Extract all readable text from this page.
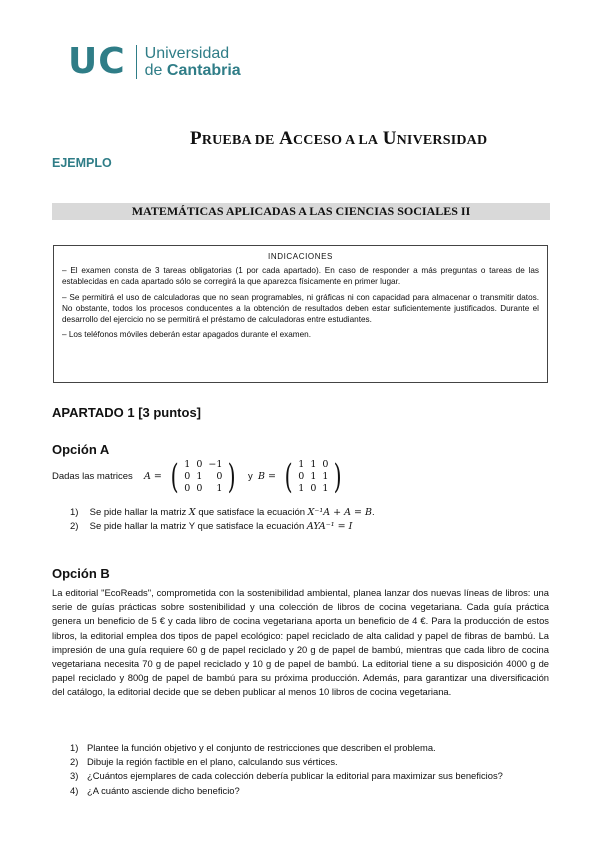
UC Universidad
de Cantabria
PRUEBA DE ACCESO A LA UNIVERSIDAD
EJEMPLO
MATEMÁTICAS APLICADAS A LAS CIENCIAS SOCIALES II
INDICACIONES
– El examen consta de 3 tareas obligatorias (1 por cada apartado). En caso de responder a más preguntas o tareas de las establecidas en cada apartado sólo se corregirá la que aparezca físicamente en primer lugar.
– Se permitirá el uso de calculadoras que no sean programables, ni gráficas ni con capacidad para almacenar o transmitir datos. No obstante, todos los procesos conducentes a la obtención de resultados deben estar suficientemente justificados. Durante el desarrollo del ejercicio no se permitirá el préstamo de calculadoras entre estudiantes.
– Los teléfonos móviles deberán estar apagados durante el examen.
APARTADO 1 [3 puntos]
Opción A
Dadas las matrices A = ( 1	0	−1
0	1	0
0	0	1 ) y B = ( 1	1	0
0	1	1
1	0	1 )
1) Se pide hallar la matriz X que satisface la ecuación X⁻¹A + A = B.
2) Se pide hallar la matriz Y que satisface la ecuación AYA⁻¹ = I
Opción B
La editorial "EcoReads", comprometida con la sostenibilidad ambiental, planea lanzar dos nuevas líneas de libros: una serie de guías prácticas sobre sostenibilidad y una colección de libros de cocina vegetariana. Cada guía práctica genera un beneficio de 5 € y cada libro de cocina vegetariana aporta un beneficio de 4 €. Para la producción de estos libros, la editorial emplea dos tipos de papel ecológico: papel reciclado de alta calidad y papel de fibras de bambú. La impresión de una guía requiere 60 g de papel reciclado y 20 g de papel de bambú, mientras que cada libro de cocina vegetariana necesita 70 g de papel reciclado y 10 g de papel de bambú. La editorial tiene a su disposición 4000 g de papel reciclado y 800g de papel de bambú para su próxima producción. Además, para garantizar una diversificación del catálogo, la editorial decide que se deben publicar al menos 10 libros de cocina vegetariana.
1) Plantee la función objetivo y el conjunto de restricciones que describen el problema.
2) Dibuje la región factible en el plano, calculando sus vértices.
3) ¿Cuántos ejemplares de cada colección debería publicar la editorial para maximizar sus beneficios?
4) ¿A cuánto asciende dicho beneficio?
